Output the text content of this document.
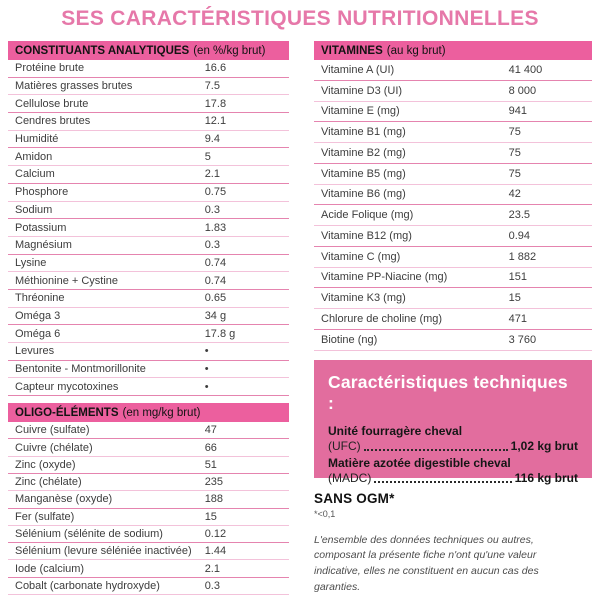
SES CARACTÉRISTIQUES NUTRITIONNELLES
CONSTITUANTS ANALYTIQUES (en %/kg brut)
Protéine brute	16.6
Matières grasses brutes	7.5
Cellulose brute	17.8
Cendres brutes	12.1
Humidité	9.4
Amidon	5
Calcium	2.1
Phosphore	0.75
Sodium	0.3
Potassium	1.83
Magnésium	0.3
Lysine	0.74
Méthionine + Cystine	0.74
Thréonine	0.65
Oméga 3	34 g
Oméga 6	17.8 g
Levures	•
Bentonite - Montmorillonite	•
Capteur mycotoxines	•
OLIGO-ÉLÉMENTS (en mg/kg brut)
Cuivre (sulfate)	47
Cuivre (chélate)	66
Zinc (oxyde)	51
Zinc (chélate)	235
Manganèse (oxyde)	188
Fer (sulfate)	15
Sélénium (sélénite de sodium)	0.12
Sélénium (levure séléniée inactivée)	1.44
Iode (calcium)	2.1
Cobalt (carbonate hydroxyde)	0.3
VITAMINES (au kg brut)
Vitamine A (UI)	41 400
Vitamine D3 (UI)	8 000
Vitamine E (mg)	941
Vitamine B1 (mg)	75
Vitamine B2 (mg)	75
Vitamine B5 (mg)	75
Vitamine B6 (mg)	42
Acide Folique (mg)	23.5
Vitamine B12 (mg)	0.94
Vitamine C (mg)	1 882
Vitamine PP-Niacine (mg)	151
Vitamine K3 (mg)	15
Chlorure de choline (mg)	471
Biotine (ng)	3 760
Caractéristiques techniques :
Unité fourragère cheval
(UFC)	1,02 kg brut
Matière azotée digestible cheval
(MADC)	116 kg brut
SANS OGM*
*<0,1
L'ensemble des données techniques ou autres, composant la présente fiche n'ont qu'une valeur indicative, elles ne constituent en aucun cas des garanties.
